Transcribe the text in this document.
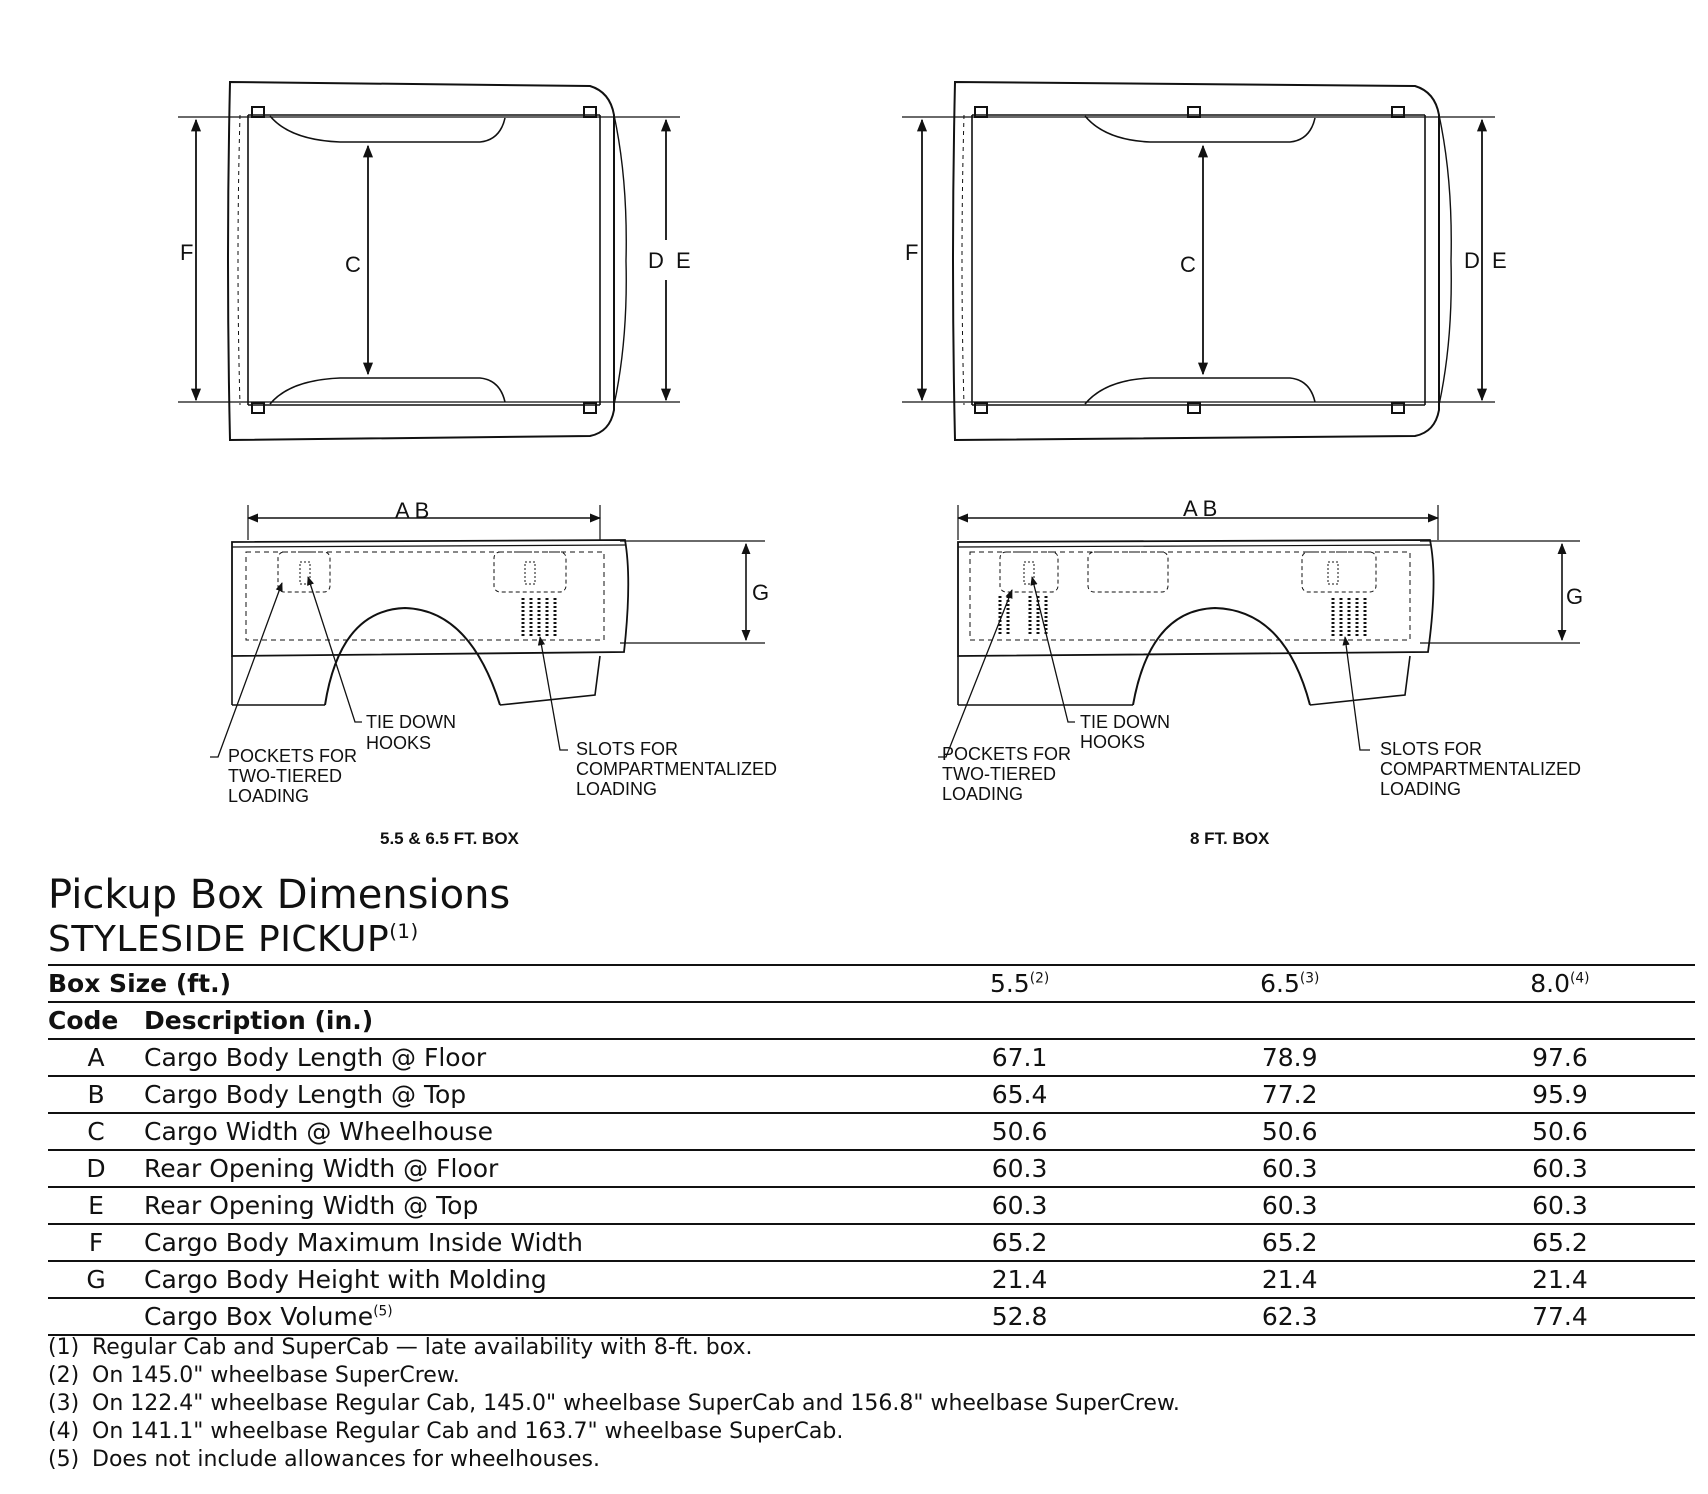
F	C	D E	F	C	D E
A B
G
TIE DOWN HOOKS
POCKETS FOR TWO-TIERED LOADING
SLOTS FOR COMPARTMENTALIZED LOADING
5.5 & 6.5 FT. BOX
A B
G
TIE DOWN HOOKS
POCKETS FOR TWO-TIERED LOADING
SLOTS FOR COMPARTMENTALIZED LOADING
8 FT. BOX
Pickup Box Dimensions
STYLESIDE PICKUP$^{(1)}$
Box Size (ft.)		5.5$^{(2)}$	6.5$^{(3)}$	8.0$^{(4)}$
Code	Description (in.)			
A	Cargo Body Length @ Floor	67.1	78.9	97.6
B	Cargo Body Length @ Top	65.4	77.2	95.9
C	Cargo Width @ Wheelhouse	50.6	50.6	50.6
D	Rear Opening Width @ Floor	60.3	60.3	60.3
E	Rear Opening Width @ Top	60.3	60.3	60.3
F	Cargo Body Maximum Inside Width	65.2	65.2	65.2
G	Cargo Body Height with Molding	21.4	21.4	21.4
	Cargo Box Volume$^{(5)}$	52.8	62.3	77.4
(1) Regular Cab and SuperCab — late availability with 8-ft. box.
(2) On 145.0" wheelbase SuperCrew.
(3) On 122.4" wheelbase Regular Cab, 145.0" wheelbase SuperCab and 156.8" wheelbase SuperCrew.
(4) On 141.1" wheelbase Regular Cab and 163.7" wheelbase SuperCab.
(5) Does not include allowances for wheelhouses.
